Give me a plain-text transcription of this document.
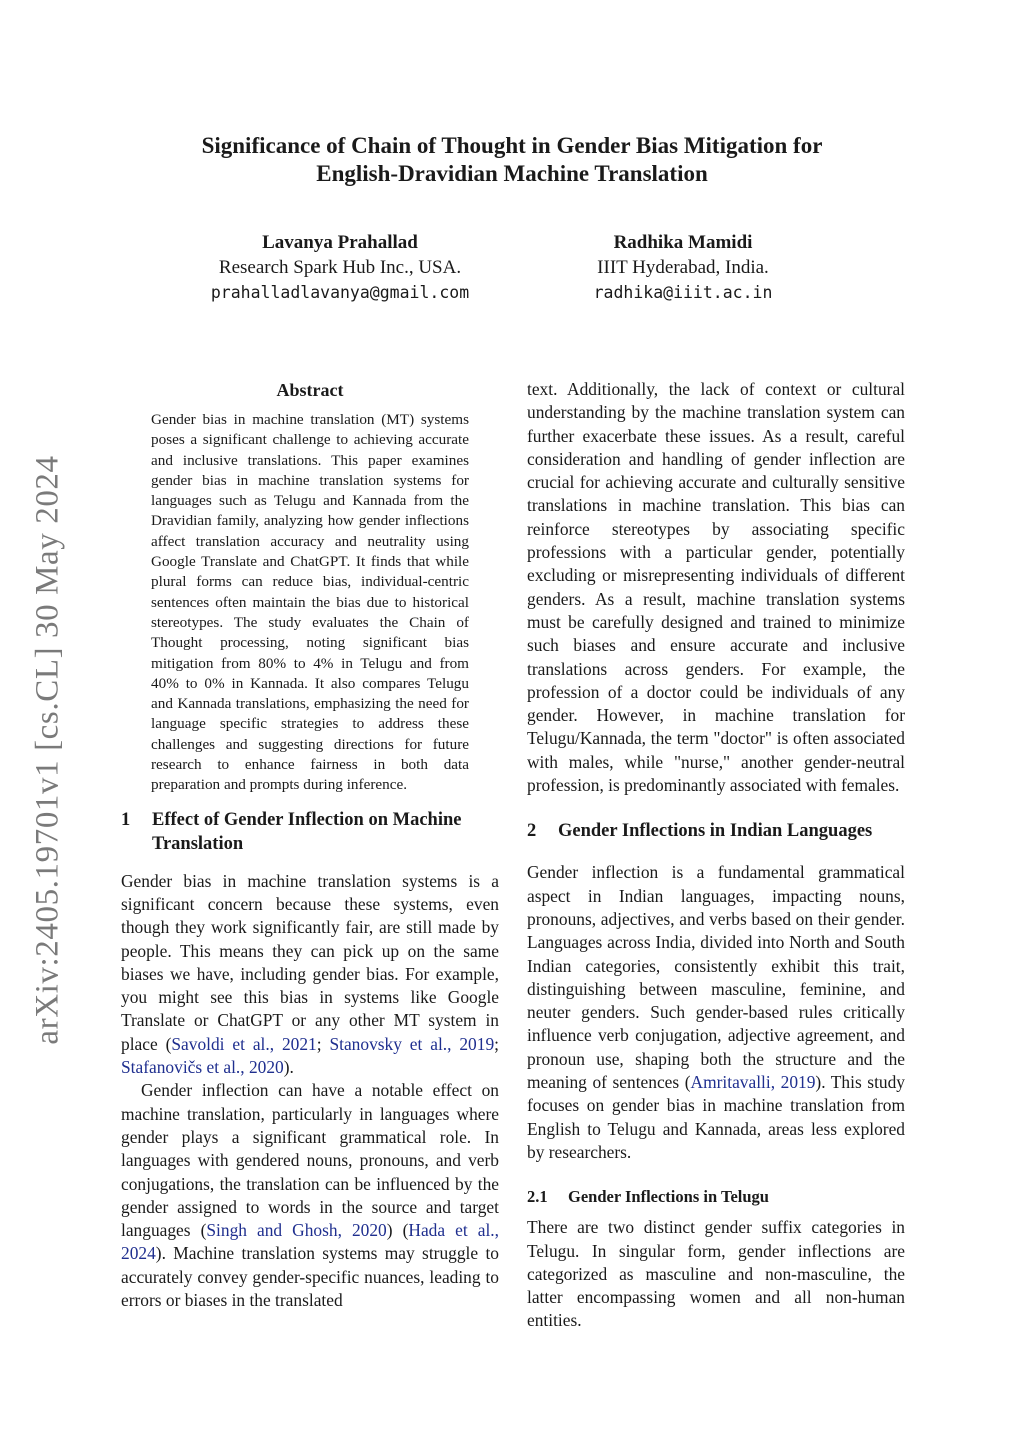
arXiv:2405.19701v1 [cs.CL] 30 May 2024
Significance of Chain of Thought in Gender Bias Mitigation for
English-Dravidian Machine Translation
Lavanya Prahallad
Research Spark Hub Inc., USA.
prahalladlavanya@gmail.com
Radhika Mamidi
IIIT Hyderabad, India.
radhika@iiit.ac.in
Abstract
Gender bias in machine translation (MT) systems poses a significant challenge to achieving accurate and inclusive translations. This paper examines gender bias in machine translation systems for languages such as Telugu and Kannada from the Dravidian family, analyzing how gender inflections affect translation accuracy and neutrality using Google Translate and ChatGPT. It finds that while plural forms can reduce bias, individual-centric sentences often maintain the bias due to historical stereotypes. The study evaluates the Chain of Thought processing, noting significant bias mitigation from 80% to 4% in Telugu and from 40% to 0% in Kannada. It also compares Telugu and Kannada translations, emphasizing the need for language specific strategies to address these challenges and suggesting directions for future research to enhance fairness in both data preparation and prompts during inference.
1	Effect of Gender Inflection on Machine Translation

Gender bias in machine translation systems is a significant concern because these systems, even though they work significantly fair, are still made by people. This means they can pick up on the same biases we have, including gender bias. For example, you might see this bias in systems like Google Translate or ChatGPT or any other MT system in place (Savoldi et al., 2021; Stanovsky et al., 2019; Stafanovičs et al., 2020).

Gender inflection can have a notable effect on machine translation, particularly in languages where gender plays a significant grammatical role. In languages with gendered nouns, pronouns, and verb conjugations, the translation can be influenced by the gender assigned to words in the source and target languages (Singh and Ghosh, 2020) (Hada et al., 2024). Machine translation systems may struggle to accurately convey gender-specific nuances, leading to errors or biases in the translated

text. Additionally, the lack of context or cultural understanding by the machine translation system can further exacerbate these issues. As a result, careful consideration and handling of gender inflection are crucial for achieving accurate and culturally sensitive translations in machine translation. This bias can reinforce stereotypes by associating specific professions with a particular gender, potentially excluding or misrepresenting individuals of different genders. As a result, machine translation systems must be carefully designed and trained to minimize such biases and ensure accurate and inclusive translations across genders. For example, the profession of a doctor could be individuals of any gender. However, in machine translation for Telugu/Kannada, the term "doctor" is often associated with males, while "nurse," another gender-neutral profession, is predominantly associated with females.

2	Gender Inflections in Indian Languages

Gender inflection is a fundamental grammatical aspect in Indian languages, impacting nouns, pronouns, adjectives, and verbs based on their gender. Languages across India, divided into North and South Indian categories, consistently exhibit this trait, distinguishing between masculine, feminine, and neuter genders. Such gender-based rules critically influence verb conjugation, adjective agreement, and pronoun use, shaping both the structure and the meaning of sentences (Amritavalli, 2019). This study focuses on gender bias in machine translation from English to Telugu and Kannada, areas less explored by researchers.

2.1	Gender Inflections in Telugu

There are two distinct gender suffix categories in Telugu. In singular form, gender inflections are categorized as masculine and non-masculine, the latter encompassing women and all non-human entities.
